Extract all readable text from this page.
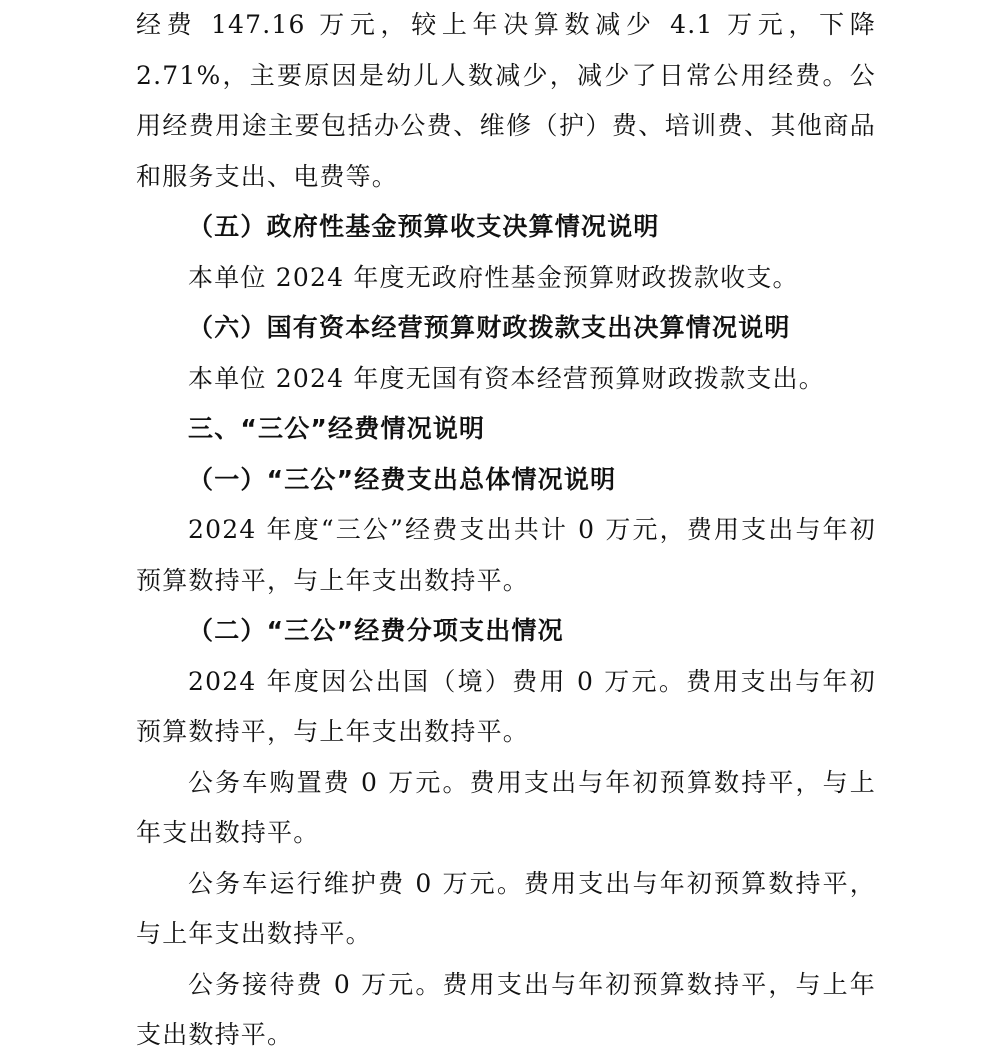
经费 147.16 万元，较上年决算数减少 4.1 万元，下降 2.71%，主要原因是幼儿人数减少，减少了日常公用经费。公用经费用途主要包括办公费、维修（护）费、培训费、其他商品和服务支出、电费等。

（五）政府性基金预算收支决算情况说明

本单位 2024 年度无政府性基金预算财政拨款收支。

（六）国有资本经营预算财政拨款支出决算情况说明

本单位 2024 年度无国有资本经营预算财政拨款支出。

三、“三公”经费情况说明

（一）“三公”经费支出总体情况说明

2024 年度“三公”经费支出共计 0 万元，费用支出与年初预算数持平，与上年支出数持平。

（二）“三公”经费分项支出情况

2024 年度因公出国（境）费用 0 万元。费用支出与年初预算数持平，与上年支出数持平。

公务车购置费 0 万元。费用支出与年初预算数持平，与上年支出数持平。

公务车运行维护费 0 万元。费用支出与年初预算数持平，与上年支出数持平。

公务接待费 0 万元。费用支出与年初预算数持平，与上年支出数持平。
